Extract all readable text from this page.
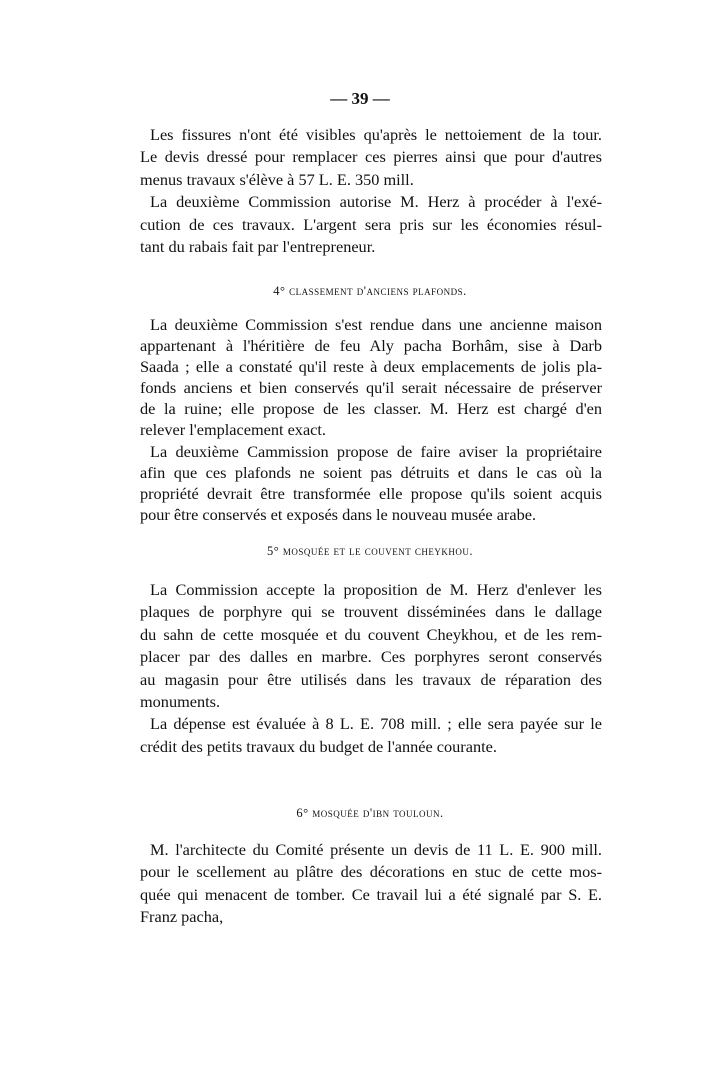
— 39 —
Les fissures n'ont été visibles qu'après le nettoiement de la tour.
Le devis dressé pour remplacer ces pierres ainsi que pour d'autres
menus travaux s'élève à 57 L. E. 350 mill.
La deuxième Commission autorise M. Herz à procéder à l'exé-
cution de ces travaux. L'argent sera pris sur les économies résul-
tant du rabais fait par l'entrepreneur.
4° classement d'anciens plafonds.
La deuxième Commission s'est rendue dans une ancienne maison
appartenant à l'héritière de feu Aly pacha Borhâm, sise à Darb
Saada ; elle a constaté qu'il reste à deux emplacements de jolis pla-
fonds anciens et bien conservés qu'il serait nécessaire de préserver
de la ruine; elle propose de les classer. M. Herz est chargé d'en
relever l'emplacement exact.
La deuxième Cammission propose de faire aviser la propriétaire
afin que ces plafonds ne soient pas détruits et dans le cas où la
propriété devrait être transformée elle propose qu'ils soient acquis
pour être conservés et exposés dans le nouveau musée arabe.
5° mosquée et le couvent cheykhou.
La Commission accepte la proposition de M. Herz d'enlever les
plaques de porphyre qui se trouvent disséminées dans le dallage
du sahn de cette mosquée et du couvent Cheykhou, et de les rem-
placer par des dalles en marbre. Ces porphyres seront conservés
au magasin pour être utilisés dans les travaux de réparation des
monuments.
La dépense est évaluée à 8 L. E. 708 mill. ; elle sera payée sur le
crédit des petits travaux du budget de l'année courante.
6° mosquée d'ibn touloun.
M. l'architecte du Comité présente un devis de 11 L. E. 900 mill.
pour le scellement au plâtre des décorations en stuc de cette mos-
quée qui menacent de tomber. Ce travail lui a été signalé par S. E.
Franz pacha,
